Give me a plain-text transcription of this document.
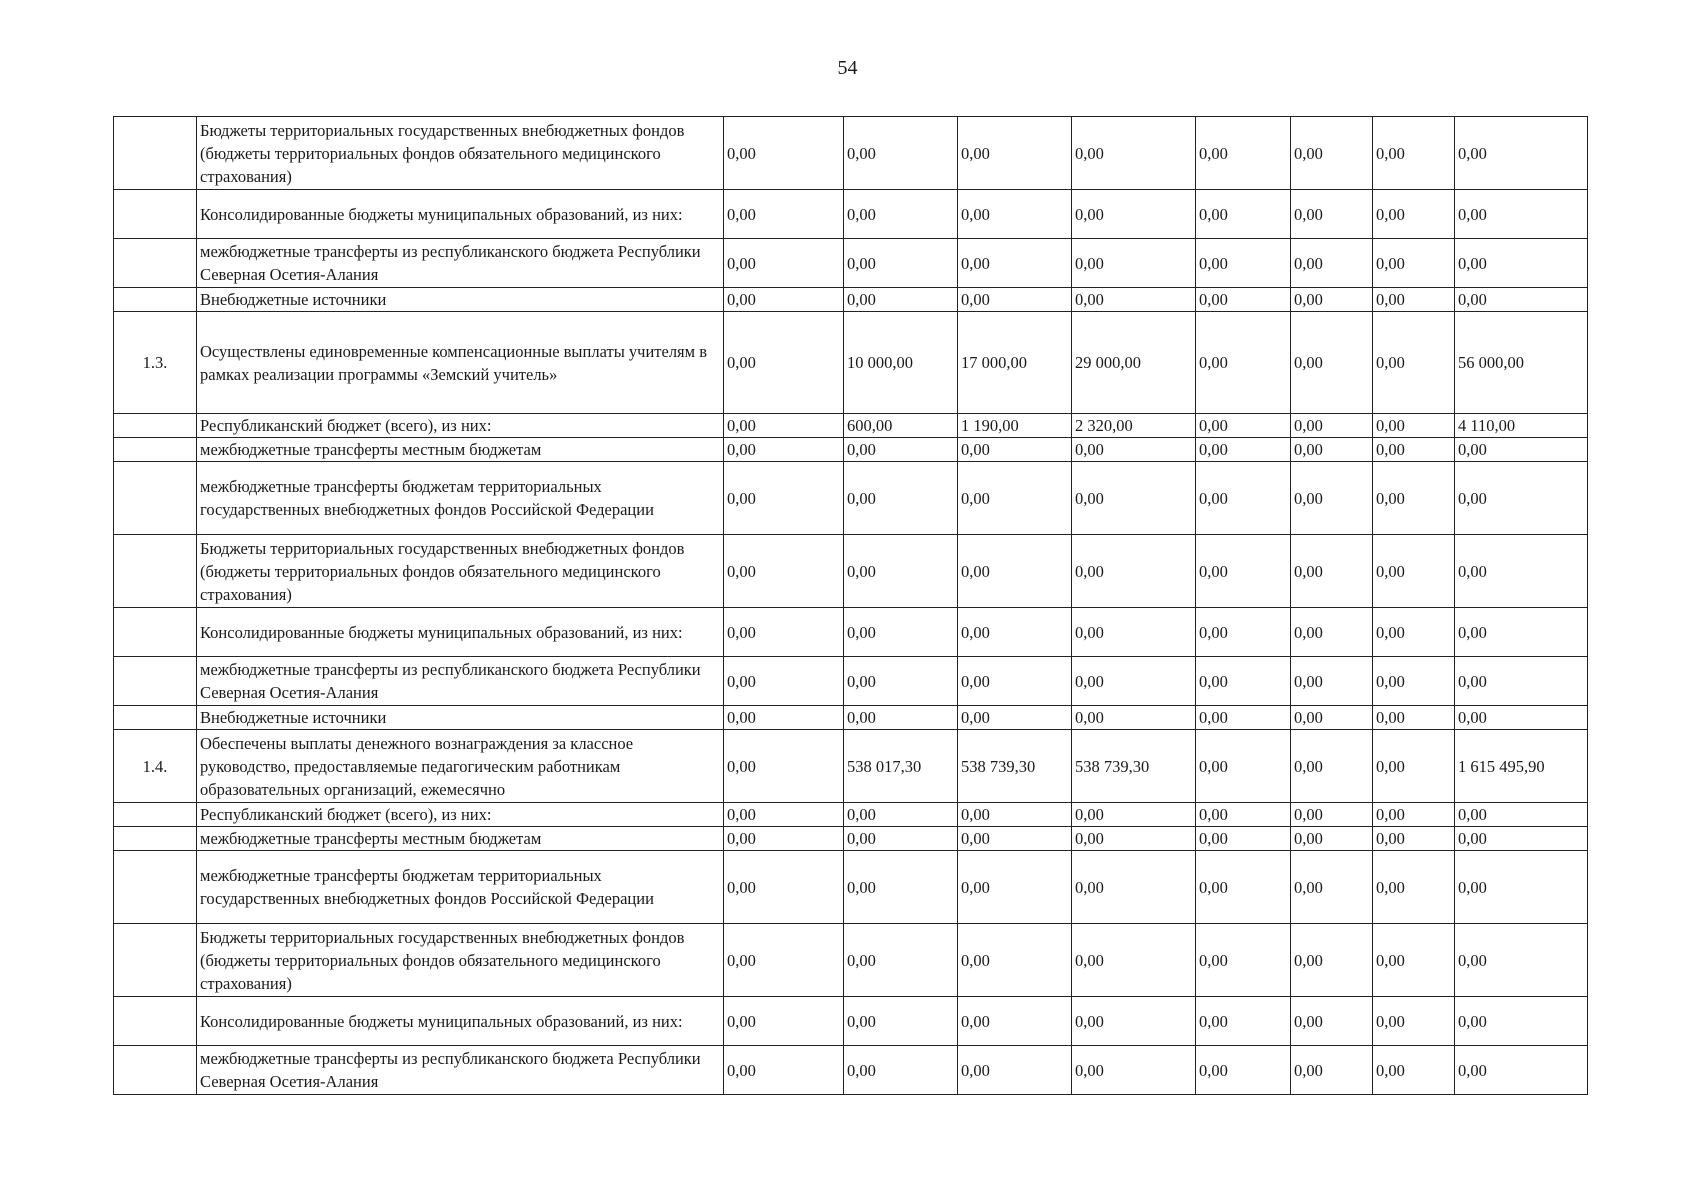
54
	Бюджеты территориальных государственных внебюджетных фондов (бюджеты территориальных фондов обязательного медицинского страхования)	0,00	0,00	0,00	0,00	0,00	0,00	0,00	0,00
	Консолидированные бюджеты муниципальных образований, из них:	0,00	0,00	0,00	0,00	0,00	0,00	0,00	0,00
	межбюджетные трансферты из республиканского бюджета Республики Северная Осетия-Алания	0,00	0,00	0,00	0,00	0,00	0,00	0,00	0,00
	Внебюджетные источники	0,00	0,00	0,00	0,00	0,00	0,00	0,00	0,00
1.3.	Осуществлены единовременные компенсационные выплаты учителям в рамках реализации программы «Земский учитель»	0,00	10 000,00	17 000,00	29 000,00	0,00	0,00	0,00	56 000,00
	Республиканский бюджет (всего), из них:	0,00	600,00	1 190,00	2 320,00	0,00	0,00	0,00	4 110,00
	межбюджетные трансферты местным бюджетам	0,00	0,00	0,00	0,00	0,00	0,00	0,00	0,00
	межбюджетные трансферты бюджетам территориальных государственных внебюджетных фондов Российской Федерации	0,00	0,00	0,00	0,00	0,00	0,00	0,00	0,00
	Бюджеты территориальных государственных внебюджетных фондов (бюджеты территориальных фондов обязательного медицинского страхования)	0,00	0,00	0,00	0,00	0,00	0,00	0,00	0,00
	Консолидированные бюджеты муниципальных образований, из них:	0,00	0,00	0,00	0,00	0,00	0,00	0,00	0,00
	межбюджетные трансферты из республиканского бюджета Республики Северная Осетия-Алания	0,00	0,00	0,00	0,00	0,00	0,00	0,00	0,00
	Внебюджетные источники	0,00	0,00	0,00	0,00	0,00	0,00	0,00	0,00
1.4.	Обеспечены выплаты денежного вознаграждения за классное руководство, предоставляемые педагогическим работникам образовательных организаций, ежемесячно	0,00	538 017,30	538 739,30	538 739,30	0,00	0,00	0,00	1 615 495,90
	Республиканский бюджет (всего), из них:	0,00	0,00	0,00	0,00	0,00	0,00	0,00	0,00
	межбюджетные трансферты местным бюджетам	0,00	0,00	0,00	0,00	0,00	0,00	0,00	0,00
	межбюджетные трансферты бюджетам территориальных государственных внебюджетных фондов Российской Федерации	0,00	0,00	0,00	0,00	0,00	0,00	0,00	0,00
	Бюджеты территориальных государственных внебюджетных фондов (бюджеты территориальных фондов обязательного медицинского страхования)	0,00	0,00	0,00	0,00	0,00	0,00	0,00	0,00
	Консолидированные бюджеты муниципальных образований, из них:	0,00	0,00	0,00	0,00	0,00	0,00	0,00	0,00
	межбюджетные трансферты из республиканского бюджета Республики Северная Осетия-Алания	0,00	0,00	0,00	0,00	0,00	0,00	0,00	0,00
